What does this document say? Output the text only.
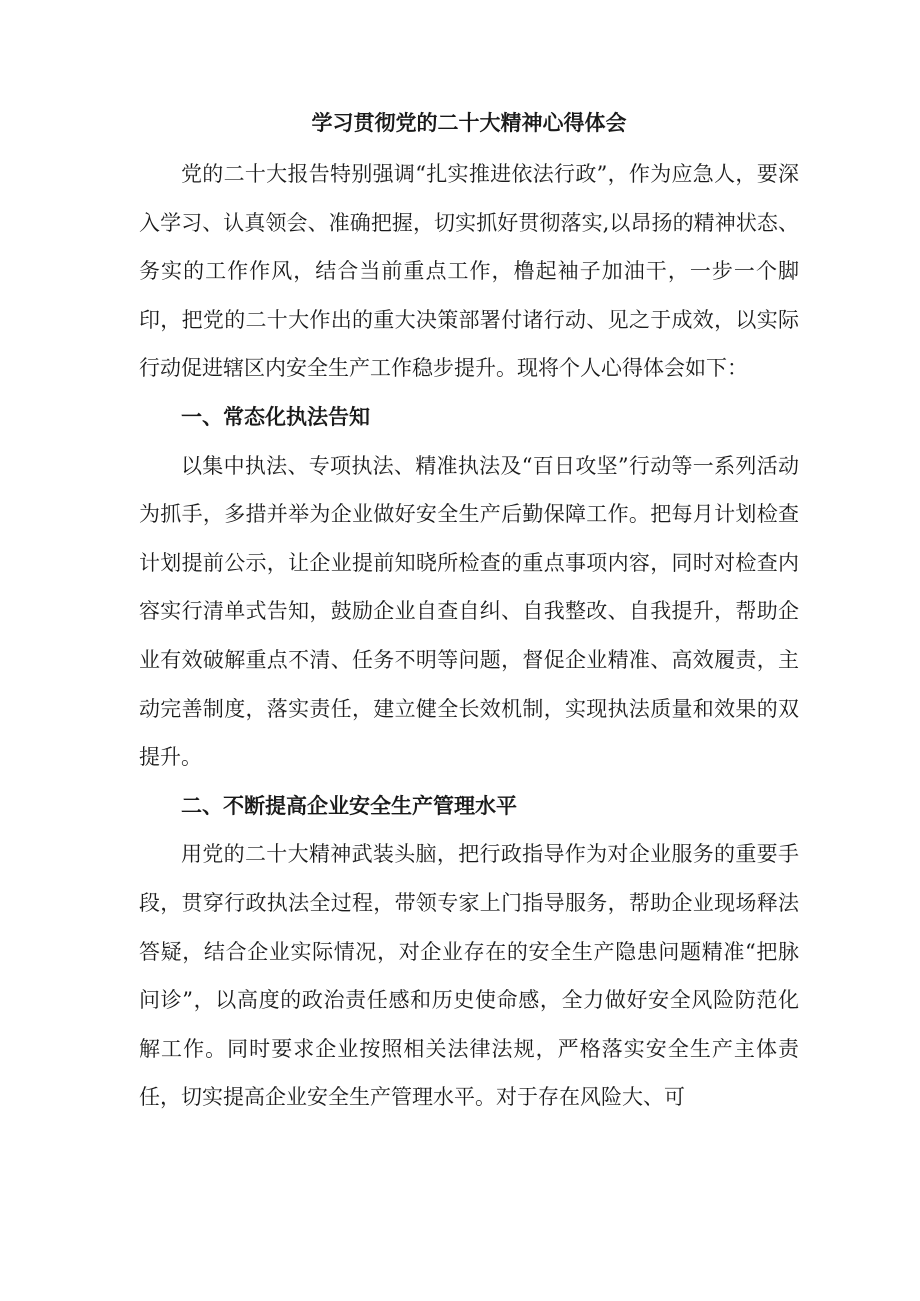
学习贯彻党的二十大精神心得体会

党的二十大报告特别强调“扎实推进依法行政”，作为应急人，要深入学习、认真领会、准确把握，切实抓好贯彻落实,以昂扬的精神状态、务实的工作作风，结合当前重点工作，橹起袖子加油干，一步一个脚印，把党的二十大作出的重大决策部署付诸行动、见之于成效，以实际行动促进辖区内安全生产工作稳步提升。现将个人心得体会如下：

一、常态化执法告知

以集中执法、专项执法、精准执法及“百日攻坚”行动等一系列活动为抓手，多措并举为企业做好安全生产后勤保障工作。把每月计划检查计划提前公示，让企业提前知晓所检查的重点事项内容，同时对检查内容实行清单式告知，鼓励企业自查自纠、自我整改、自我提升，帮助企业有效破解重点不清、任务不明等问题，督促企业精准、高效履责，主动完善制度，落实责任，建立健全长效机制，实现执法质量和效果的双提升。

二、不断提高企业安全生产管理水平

用党的二十大精神武装头脑，把行政指导作为对企业服务的重要手段，贯穿行政执法全过程，带领专家上门指导服务，帮助企业现场释法答疑，结合企业实际情况，对企业存在的安全生产隐患问题精准“把脉问诊”，以高度的政治责任感和历史使命感，全力做好安全风险防范化解工作。同时要求企业按照相关法律法规，严格落实安全生产主体责任，切实提高企业安全生产管理水平。对于存在风险大、可
